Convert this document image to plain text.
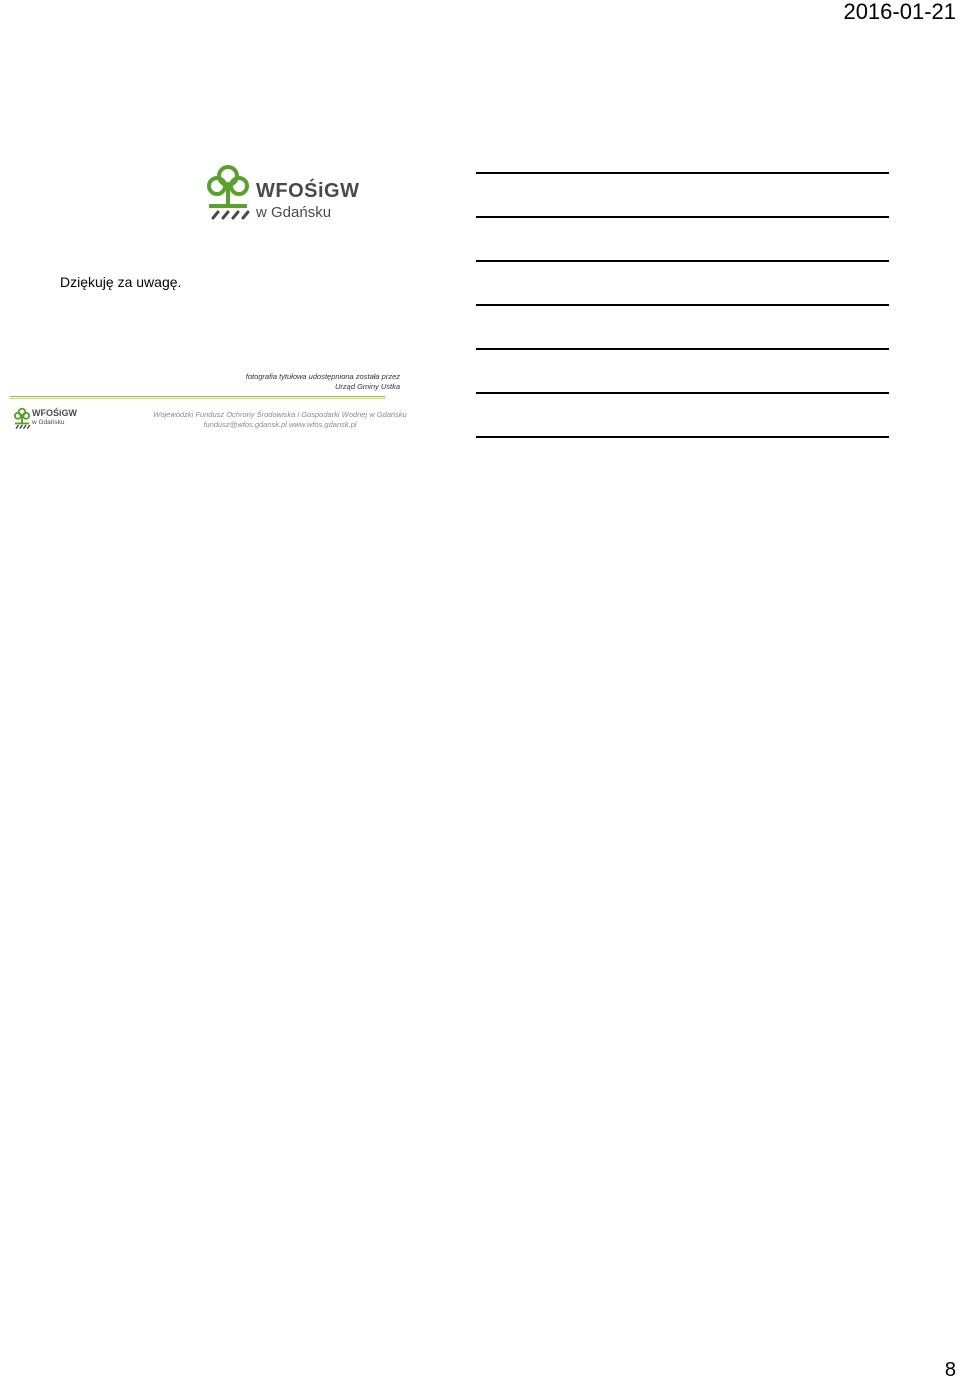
2016-01-21
WFOŚiGW
w Gdańsku
Dziękuję za uwagę.
fotografia tytułowa udostępniona została przez
Urząd Gminy Ustka
WFOŚiGW
w Gdańsku
Wojewódzki Fundusz Ochrony Środowiska i Gospodarki Wodnej w Gdańsku
fundusz@wfos.gdansk.pl www.wfos.gdansk.pl
8
